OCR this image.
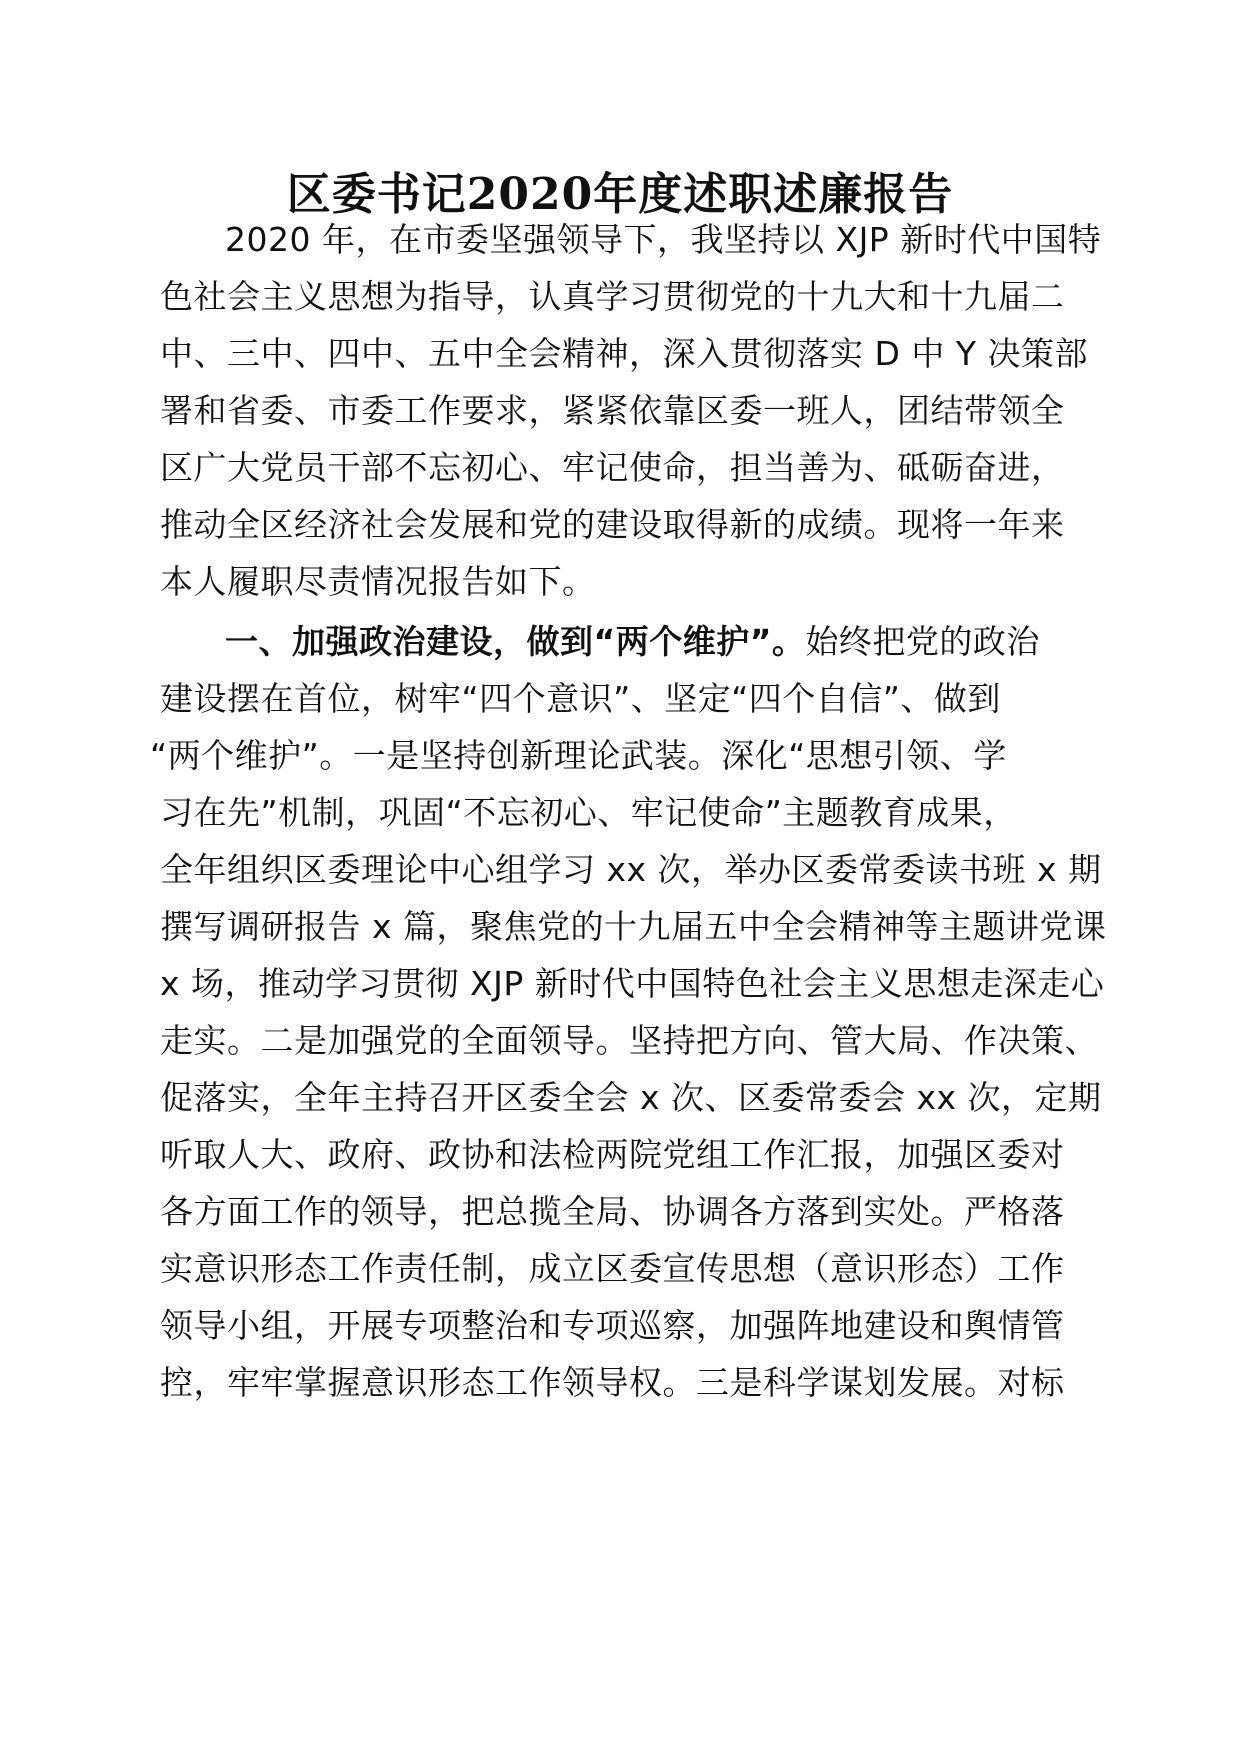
区委书记2020年度述职述廉报告
2020 年，在市委坚强领导下，我坚持以 XJP 新时代中国特
色社会主义思想为指导，认真学习贯彻党的十九大和十九届二
中、三中、四中、五中全会精神，深入贯彻落实 D 中 Y 决策部
署和省委、市委工作要求，紧紧依靠区委一班人，团结带领全
区广大党员干部不忘初心、牢记使命，担当善为、砥砺奋进，
推动全区经济社会发展和党的建设取得新的成绩。现将一年来
本人履职尽责情况报告如下。
一、加强政治建设，做到“两个维护”。始终把党的政治
建设摆在首位，树牢“四个意识”、坚定“四个自信”、做到
“两个维护”。一是坚持创新理论武装。深化“思想引领、学
习在先”机制，巩固“不忘初心、牢记使命”主题教育成果，
全年组织区委理论中心组学习 xx 次，举办区委常委读书班 x 期
撰写调研报告 x 篇，聚焦党的十九届五中全会精神等主题讲党课
x 场，推动学习贯彻 XJP 新时代中国特色社会主义思想走深走心
走实。二是加强党的全面领导。坚持把方向、管大局、作决策、
促落实，全年主持召开区委全会 x 次、区委常委会 xx 次，定期
听取人大、政府、政协和法检两院党组工作汇报，加强区委对
各方面工作的领导，把总揽全局、协调各方落到实处。严格落
实意识形态工作责任制，成立区委宣传思想（意识形态）工作
领导小组，开展专项整治和专项巡察，加强阵地建设和舆情管
控，牢牢掌握意识形态工作领导权。三是科学谋划发展。对标
